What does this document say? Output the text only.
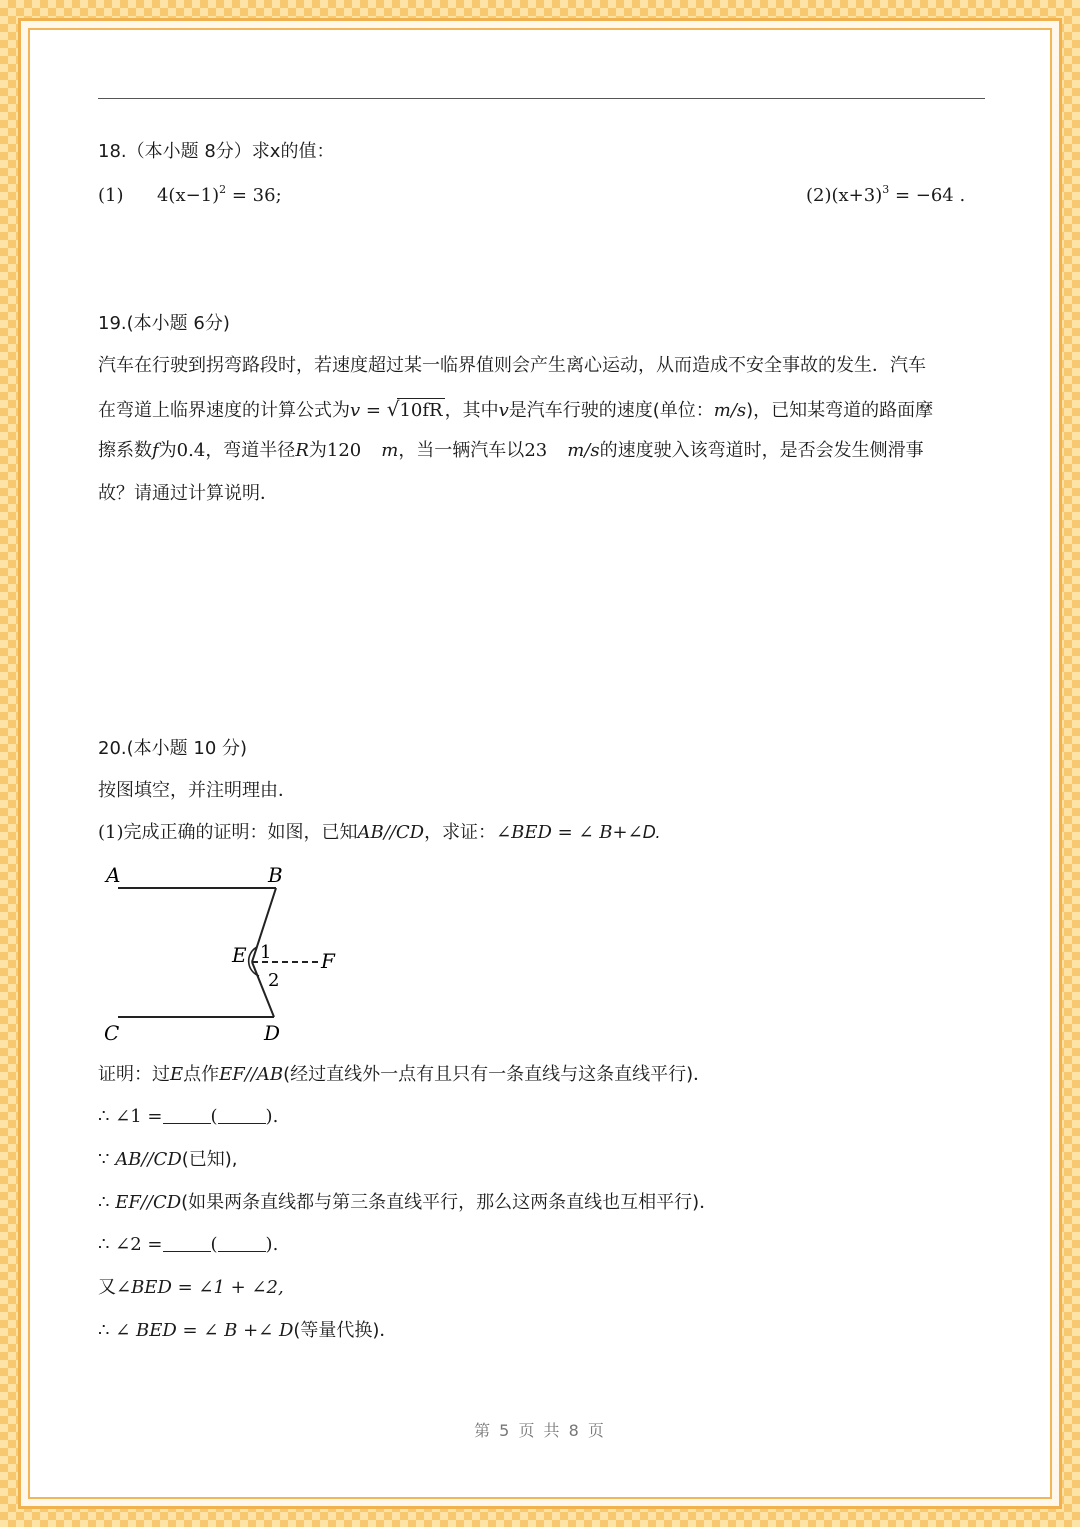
18.（本小题 8分）求x的值：
(1) $4(x-1)^2 = 36$;	$(2)(x+3)^3 = -64$ .
19.(本小题 6分)
汽车在行驶到拐弯路段时，若速度超过某一临界值则会产生离心运动，从而造成不安全事故的发生．汽车
在弯道上临界速度的计算公式为v = √10fR ，其中v是汽车行驶的速度(单位：m/s)，已知某弯道的路面摩
擦系数f为0.4，弯道半径R为120 m，当一辆汽车以23 m/s的速度驶入该弯道时，是否会发生侧滑事
故？请通过计算说明．
20.(本小题 10 分)
按图填空，并注明理由．
(1)完成正确的证明：如图，已知AB//CD，求证：∠BED = ∠ B+∠D.
A	B
E	F
1
2
C	D
证明：过E点作EF//AB(经过直线外一点有且只有一条直线与这条直线平行)．
∴ ∠1 =	(	).
∵ AB//CD(已知),
∴ EF//CD(如果两条直线都与第三条直线平行，那么这两条直线也互相平行)．
∴ ∠2 =	(	).
又∠BED = ∠1 + ∠2,
∴ ∠ BED = ∠ B +∠ D(等量代换)．
第 5 页 共 8 页
